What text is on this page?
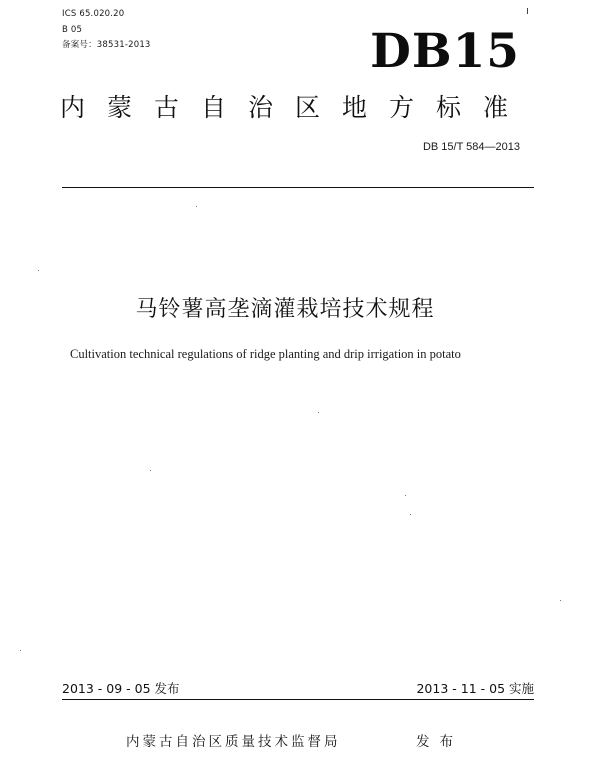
ICS 65.020.20
B 05
备案号：38531-2013	DB15
内蒙古自治区地方标准
DB 15/T 584—2013
马铃薯高垄滴灌栽培技术规程
Cultivation technical regulations of ridge planting and drip irrigation in potato
2013 - 09 - 05 发布	2013 - 11 - 05 实施
内蒙古自治区质量技术监督局	发布
